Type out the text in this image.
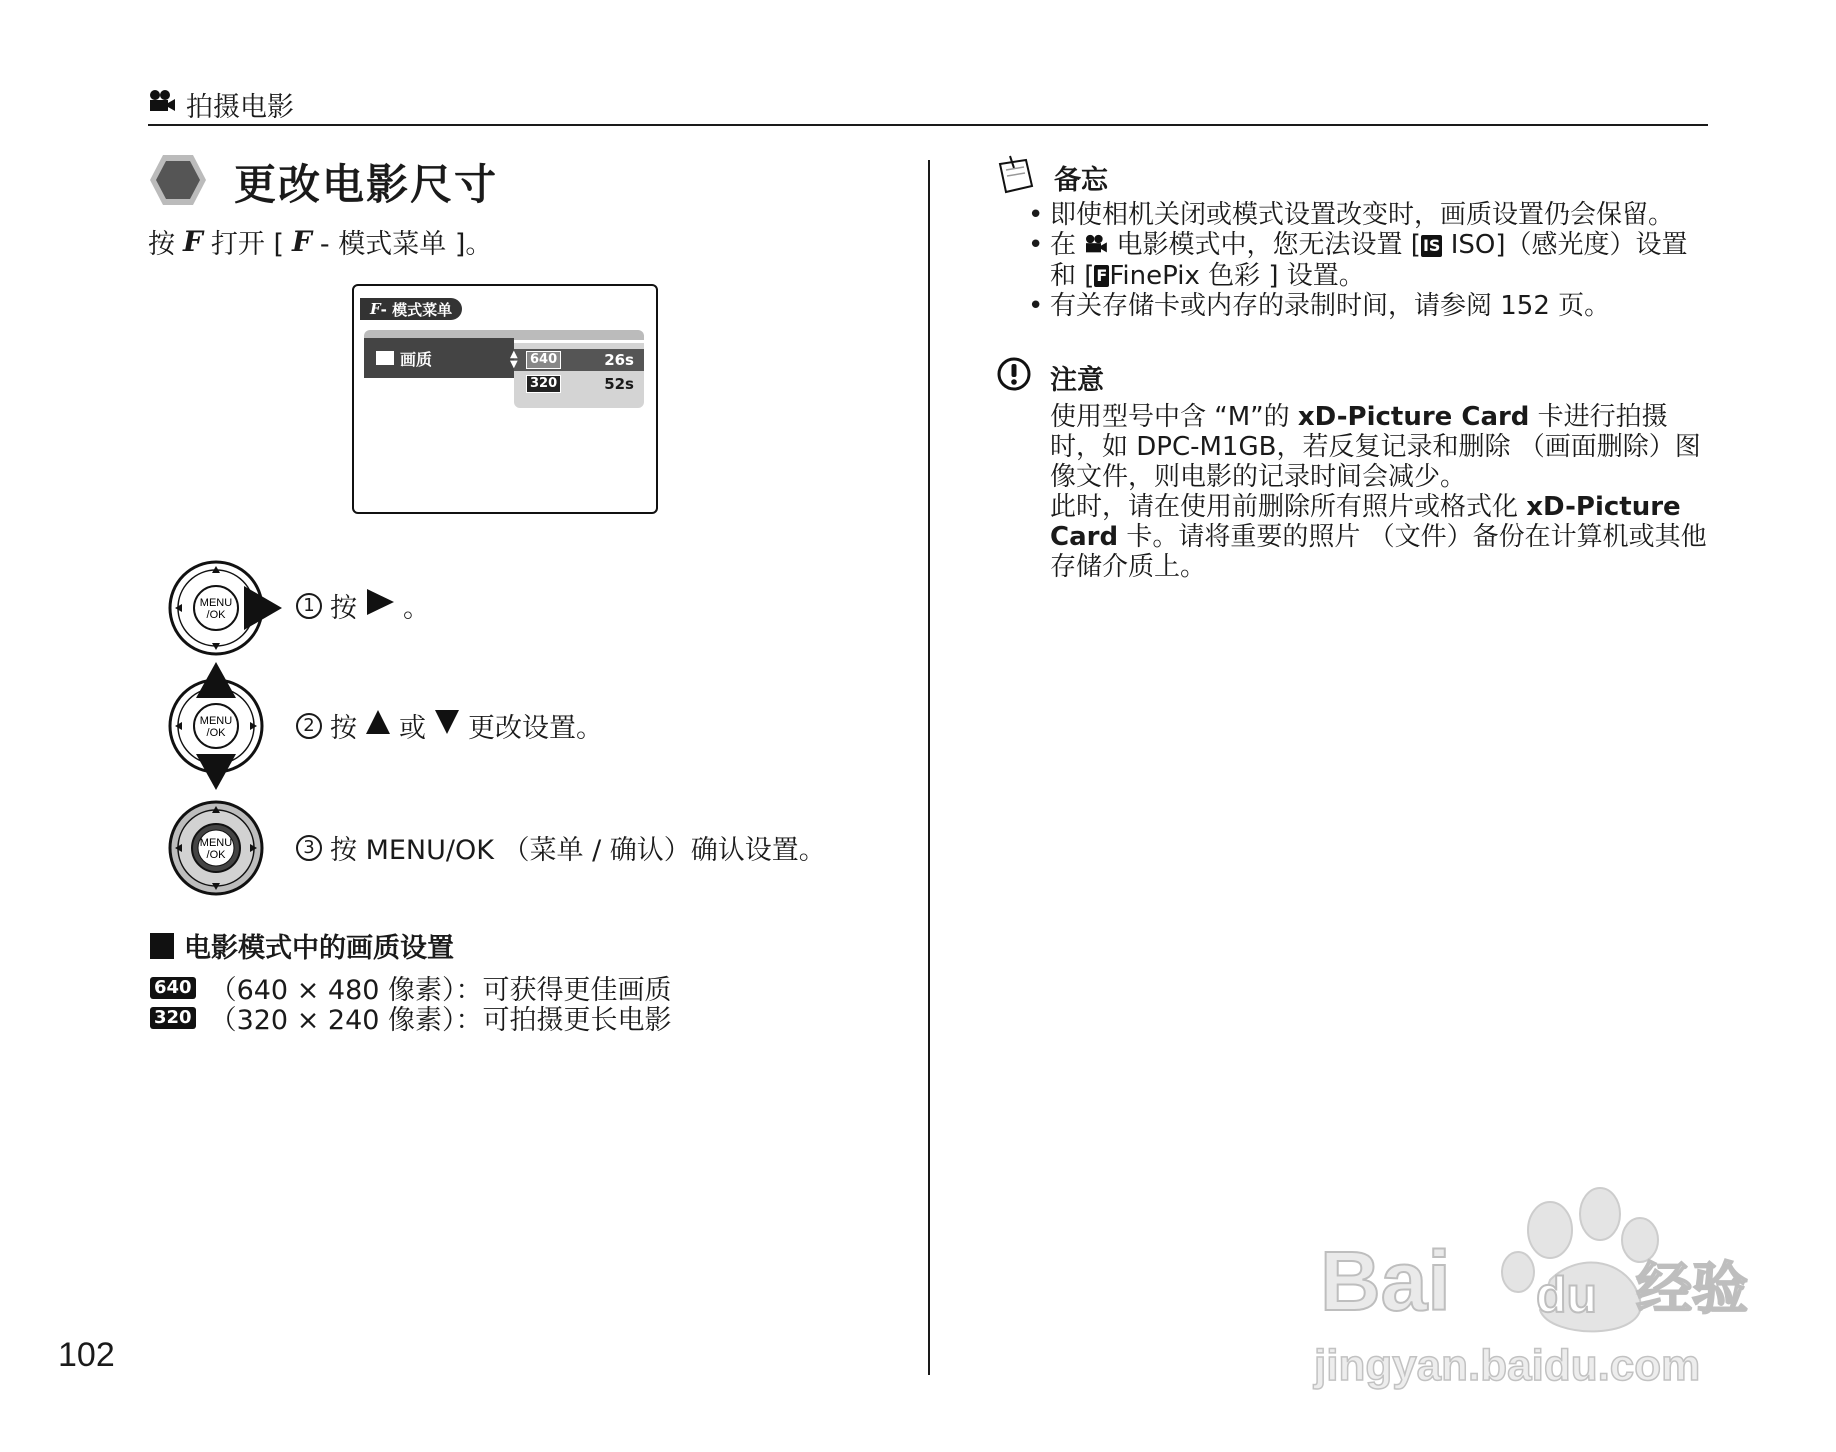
拍摄电影
更改电影尺寸
按 F 打开 [ F - 模式菜单 ]。
F - 模式菜单
画质	▲
▼ 640	26s
320	52s
MENU
/OK	1 按 。
MENU
/OK	2 按 或 更改设置。
MENU
/OK	3 按 MENU/OK （菜单 / 确认）确认设置。
电影模式中的画质设置
640 （640 × 480 像素）：可获得更佳画质
320 （320 × 240 像素）：可拍摄更长电影
备忘
• 即使相机关闭或模式设置改变时，画质设置仍会保留。
• 在 电影模式中，您无法设置 [ IS ISO]（感光度）设置
和 [ FFinePix 色彩 ] 设置。
• 有关存储卡或内存的录制时间，请参阅 152 页。
注意

使用型号中含 “M”的 xD-Picture Card 卡进行拍摄时，如 DPC-M1GB，若反复记录和删除 （画面删除）图像文件，则电影的记录时间会减少。

此时，请在使用前删除所有照片或格式化 xD-Picture Card 卡。请将重要的照片 （文件）备份在计算机或其他存储介质上。

102
Bai du 经验
jingyan.baidu.com
